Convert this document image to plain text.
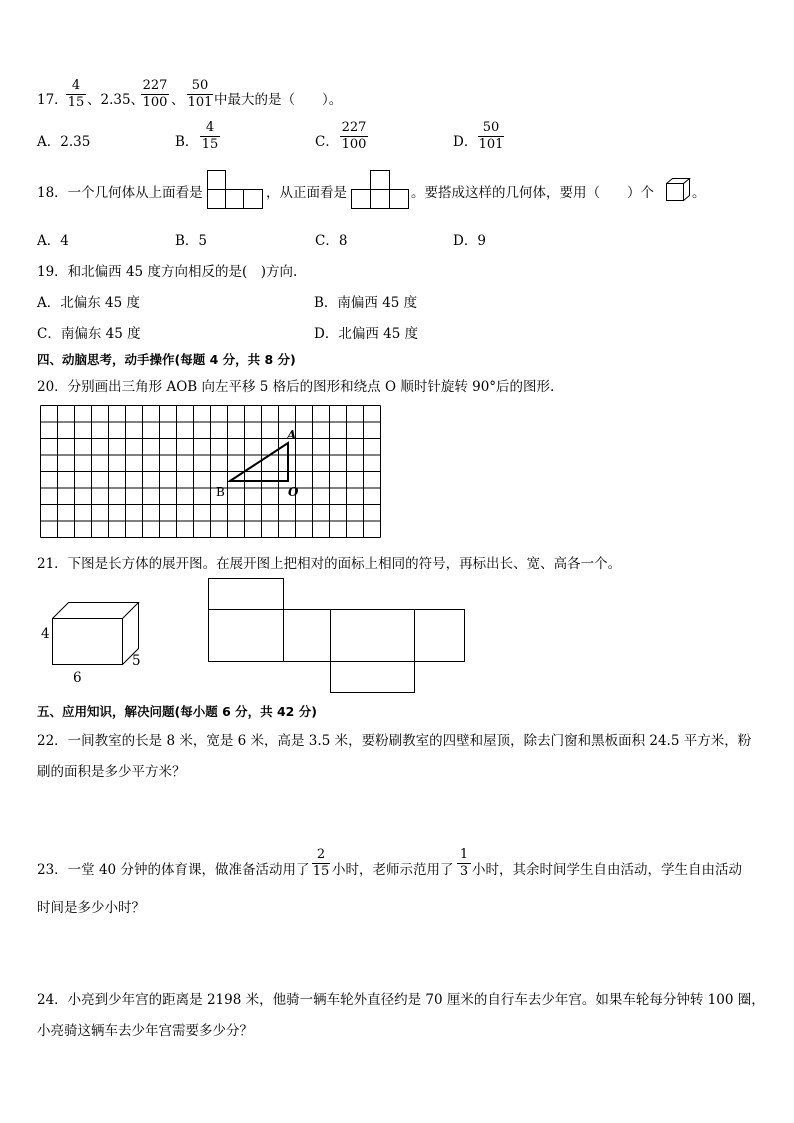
17．
4
15 、2.35、
227
100 、
50
101 中最大的是（　　）。
A．2.35	B．
4
15	C．
227
100	D．
50
101
18．一个几何体从上面看是	，从正面看是	。要搭成这样的几何体，要用（　　）个	。
A．4	B．5	C．8	D．9
19．和北偏西 45 度方向相反的是(　)方向.
A．北偏东 45 度	B．南偏西 45 度
C．南偏东 45 度	D．北偏西 45 度
四、动脑思考，动手操作(每题 4 分，共 8 分)
20．分别画出三角形 AOB 向左平移 5 格后的图形和绕点 O 顺时针旋转 90°后的图形.
A
B	O
21．下图是长方体的展开图。在展开图上把相对的面标上相同的符号，再标出长、宽、高各一个。
4
5
6
五、应用知识，解决问题(每小题 6 分，共 42 分)
22．一间教室的长是 8 米，宽是 6 米，高是 3.5 米，要粉刷教室的四壁和屋顶，除去门窗和黑板面积 24.5 平方米，粉
刷的面积是多少平方米？
23．一堂 40 分钟的体育课，做准备活动用了
2
15 小时，老师示范用了
1
3 小时，其余时间学生自由活动，学生自由活动
时间是多少小时？
24．小亮到少年宫的距离是 2198 米，他骑一辆车轮外直径约是 70 厘米的自行车去少年宫。如果车轮每分钟转 100 圈，
小亮骑这辆车去少年宫需要多少分？
